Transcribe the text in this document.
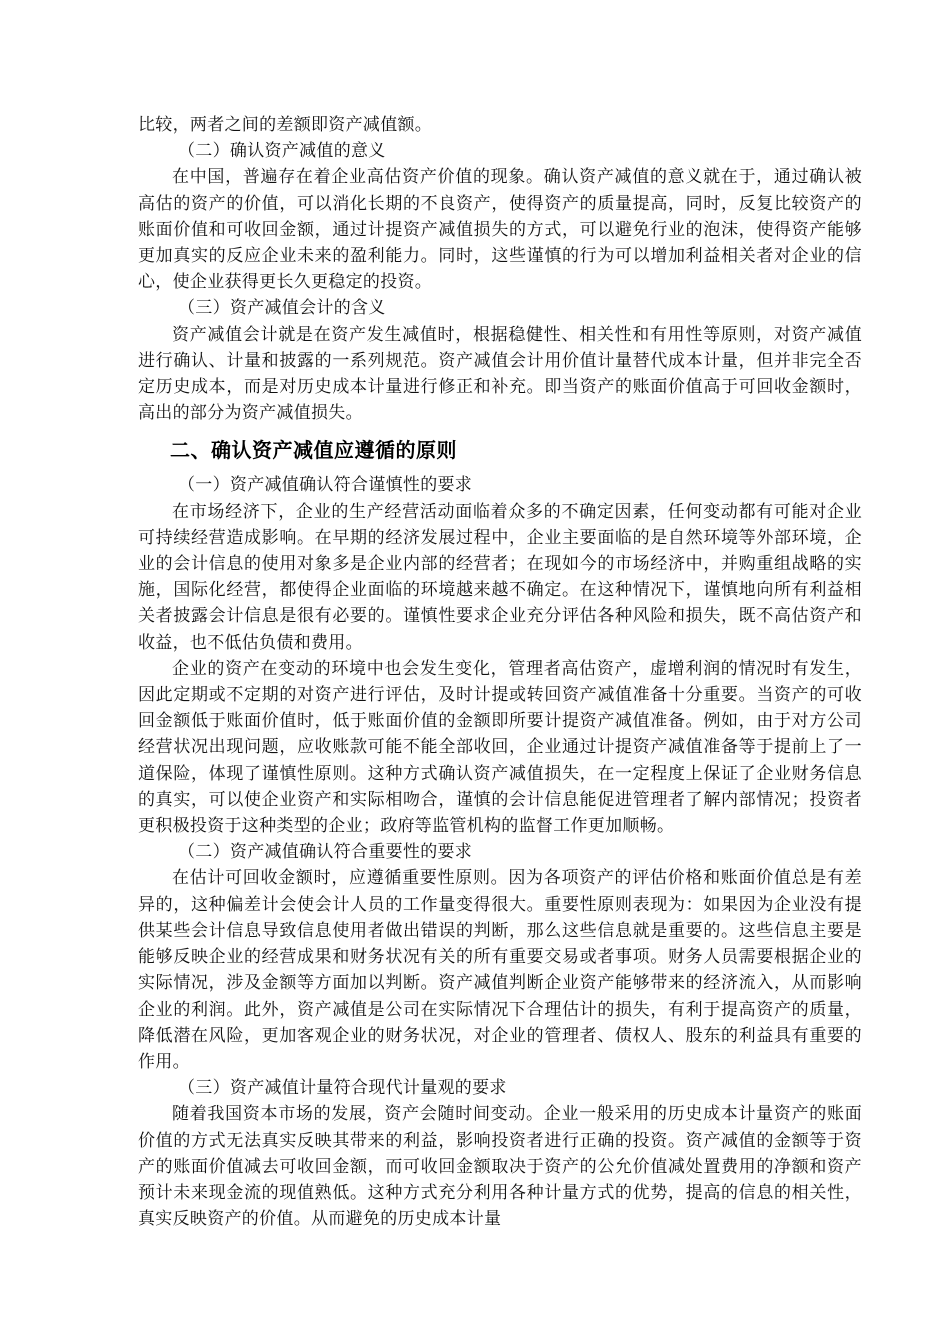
比较，两者之间的差额即资产减值额。

（二）确认资产减值的意义

在中国，普遍存在着企业高估资产价值的现象。确认资产减值的意义就在于，通过确认被高估的资产的价值，可以消化长期的不良资产，使得资产的质量提高，同时，反复比较资产的账面价值和可收回金额，通过计提资产减值损失的方式，可以避免行业的泡沫，使得资产能够更加真实的反应企业未来的盈利能力。同时，这些谨慎的行为可以增加利益相关者对企业的信心，使企业获得更长久更稳定的投资。

（三）资产减值会计的含义

资产减值会计就是在资产发生减值时，根据稳健性、相关性和有用性等原则，对资产减值进行确认、计量和披露的一系列规范。资产减值会计用价值计量替代成本计量，但并非完全否定历史成本，而是对历史成本计量进行修正和补充。即当资产的账面价值高于可回收金额时，高出的部分为资产减值损失。

二、确认资产减值应遵循的原则

（一）资产减值确认符合谨慎性的要求

在市场经济下，企业的生产经营活动面临着众多的不确定因素，任何变动都有可能对企业可持续经营造成影响。在早期的经济发展过程中，企业主要面临的是自然环境等外部环境，企业的会计信息的使用对象多是企业内部的经营者；在现如今的市场经济中，并购重组战略的实施，国际化经营，都使得企业面临的环境越来越不确定。在这种情况下，谨慎地向所有利益相关者披露会计信息是很有必要的。谨慎性要求企业充分评估各种风险和损失，既不高估资产和收益，也不低估负债和费用。

企业的资产在变动的环境中也会发生变化，管理者高估资产，虚增利润的情况时有发生，因此定期或不定期的对资产进行评估，及时计提或转回资产减值准备十分重要。当资产的可收回金额低于账面价值时，低于账面价值的金额即所要计提资产减值准备。例如，由于对方公司经营状况出现问题，应收账款可能不能全部收回，企业通过计提资产减值准备等于提前上了一道保险，体现了谨慎性原则。这种方式确认资产减值损失，在一定程度上保证了企业财务信息的真实，可以使企业资产和实际相吻合，谨慎的会计信息能促进管理者了解内部情况；投资者更积极投资于这种类型的企业；政府等监管机构的监督工作更加顺畅。

（二）资产减值确认符合重要性的要求

在估计可回收金额时，应遵循重要性原则。因为各项资产的评估价格和账面价值总是有差异的，这种偏差计会使会计人员的工作量变得很大。重要性原则表现为：如果因为企业没有提供某些会计信息导致信息使用者做出错误的判断，那么这些信息就是重要的。这些信息主要是能够反映企业的经营成果和财务状况有关的所有重要交易或者事项。财务人员需要根据企业的实际情况，涉及金额等方面加以判断。资产减值判断企业资产能够带来的经济流入，从而影响企业的利润。此外，资产减值是公司在实际情况下合理估计的损失，有利于提高资产的质量，降低潜在风险，更加客观企业的财务状况，对企业的管理者、债权人、股东的利益具有重要的作用。

（三）资产减值计量符合现代计量观的要求

随着我国资本市场的发展，资产会随时间变动。企业一般采用的历史成本计量资产的账面价值的方式无法真实反映其带来的利益，影响投资者进行正确的投资。资产减值的金额等于资产的账面价值减去可收回金额，而可收回金额取决于资产的公允价值减处置费用的净额和资产预计未来现金流的现值熟低。这种方式充分利用各种计量方式的优势，提高的信息的相关性，真实反映资产的价值。从而避免的历史成本计量
